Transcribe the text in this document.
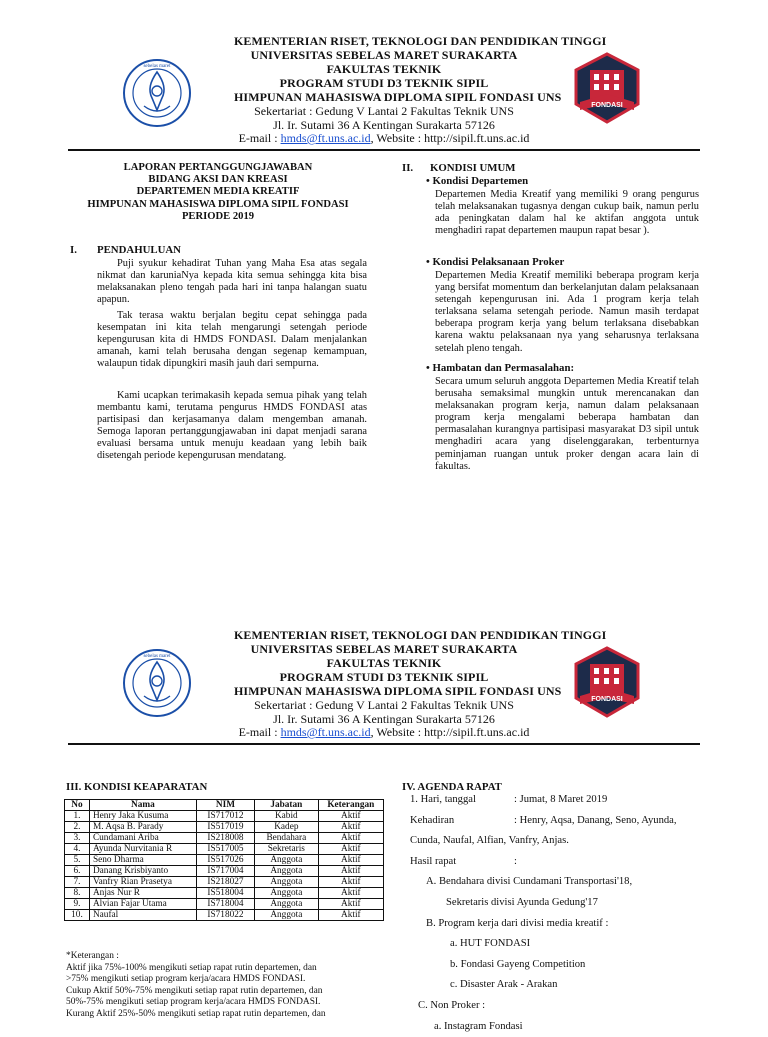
sebelas maret
FONDASI
KEMENTERIAN RISET, TEKNOLOGI DAN PENDIDIKAN TINGGI
UNIVERSITAS SEBELAS MARET SURAKARTA
FAKULTAS TEKNIK
PROGRAM STUDI D3 TEKNIK SIPIL
HIMPUNAN MAHASISWA DIPLOMA SIPIL FONDASI UNS
Sekertariat : Gedung V Lantai 2 Fakultas Teknik UNS
Jl. Ir. Sutami 36 A Kentingan Surakarta 57126
E-mail : hmds@ft.uns.ac.id, Website : http://sipil.ft.uns.ac.id
LAPORAN PERTANGGUNGJAWABAN
BIDANG AKSI DAN KREASI
DEPARTEMEN MEDIA KREATIF
HIMPUNAN MAHASISWA DIPLOMA SIPIL FONDASI
PERIODE 2019
I. PENDAHULUAN
Puji syukur kehadirat Tuhan yang Maha Esa atas segala nikmat dan karuniaNya kepada kita semua sehingga kita bisa melaksanakan pleno tengah pada hari ini tanpa halangan suatu apapun.
Tak terasa waktu berjalan begitu cepat sehingga pada kesempatan ini kita telah mengarungi setengah periode kepengurusan kita di HMDS FONDASI. Dalam menjalankan amanah, kami telah berusaha dengan segenap kemampuan, walaupun tidak dipungkiri masih jauh dari sempurna.
Kami ucapkan terimakasih kepada semua pihak yang telah membantu kami, terutama pengurus HMDS FONDASI atas partisipasi dan kerjasamanya dalam mengemban amanah. Semoga laporan pertanggungjawaban ini dapat menjadi sarana evaluasi bersama untuk menuju keadaan yang lebih baik disetengah periode kepengurusan mendatang.
II. KONDISI UMUM
• Kondisi Departemen
Departemen Media Kreatif yang memiliki 9 orang pengurus telah melaksanakan tugasnya dengan cukup baik, namun perlu ada peningkatan dalam hal ke aktifan anggota untuk menghadiri rapat departemen maupun rapat besar ).
• Kondisi Pelaksanaan Proker
Departemen Media Kreatif memiliki beberapa program kerja yang bersifat momentum dan berkelanjutan dalam pelaksanaan setengah kepengurusan ini. Ada 1 program kerja telah terlaksana selama setengah periode. Namun masih terdapat beberapa program kerja yang belum terlaksana disebabkan karena waktu pelaksanaan nya yang seharusnya terlaksana setelah pleno tengah.
• Hambatan dan Permasalahan:
Secara umum seluruh anggota Departemen Media Kreatif telah berusaha semaksimal mungkin untuk merencanakan dan melaksanakan program kerja, namun dalam pelaksanaan program kerja mengalami beberapa hambatan dan permasalahan kurangnya partisipasi masyarakat D3 sipil untuk menghadiri acara yang diselenggarakan, terbenturnya peminjaman ruangan untuk proker dengan acara lain di fakultas.
sebelas maret
FONDASI
KEMENTERIAN RISET, TEKNOLOGI DAN PENDIDIKAN TINGGI
UNIVERSITAS SEBELAS MARET SURAKARTA
FAKULTAS TEKNIK
PROGRAM STUDI D3 TEKNIK SIPIL
HIMPUNAN MAHASISWA DIPLOMA SIPIL FONDASI UNS
Sekertariat : Gedung V Lantai 2 Fakultas Teknik UNS
Jl. Ir. Sutami 36 A Kentingan Surakarta 57126
E-mail : hmds@ft.uns.ac.id, Website : http://sipil.ft.uns.ac.id
III. KONDISI KEAPARATAN
No	Nama	NIM	Jabatan	Keterangan
1.	Henry Jaka Kusuma	IS717012	Kabid	Aktif
2.	M. Aqsa B. Parady	IS517019	Kadep	Aktif
3.	Cundamani Ariba	IS218008	Bendahara	Aktif
4.	Ayunda Nurvitania R	IS517005	Sekretaris	Aktif
5.	Seno Dharma	IS517026	Anggota	Aktif
6.	Danang Krisbiyanto	IS717004	Anggota	Aktif
7.	Vanfry Rian Prasetya	IS218027	Anggota	Aktif
8.	Anjas Nur R	IS518004	Anggota	Aktif
9.	Alvian Fajar Utama	IS718004	Anggota	Aktif
10.	Naufal	IS718022	Anggota	Aktif
*Keterangan :
Aktif jika 75%-100% mengikuti setiap rapat rutin departemen, dan
>75% mengikuti setiap program kerja/acara HMDS FONDASI.
Cukup Aktif 50%-75% mengikuti setiap rapat rutin departemen, dan
50%-75% mengikuti setiap program kerja/acara HMDS FONDASI.
Kurang Aktif 25%-50% mengikuti setiap rapat rutin departemen, dan
IV. AGENDA RAPAT
1. Hari, tanggal	: Jumat, 8 Maret 2019
Kehadiran	: Henry, Aqsa, Danang, Seno, Ayunda,
Cunda, Naufal, Alfian, Vanfry, Anjas.
Hasil rapat	:
A. Bendahara divisi Cundamani Transportasi'18,
Sekretaris divisi Ayunda Gedung'17
B. Program kerja dari divisi media kreatif :
a. HUT FONDASI
b. Fondasi Gayeng Competition
c. Disaster Arak - Arakan
C. Non Proker :
a. Instagram Fondasi
